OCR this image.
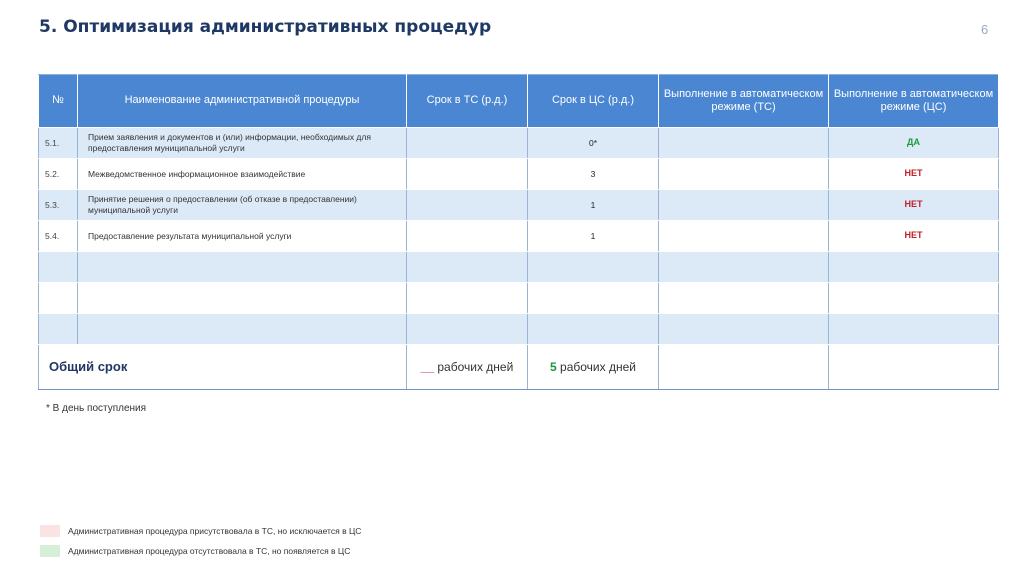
5. Оптимизация административных процедур	6
№	Наименование административной процедуры	Срок в ТС (р.д.)	Срок в ЦС (р.д.)	Выполнение в автоматическом режиме (ТС)	Выполнение в автоматическом режиме (ЦС)
5.1.	Прием заявления и документов и (или) информации, необходимых для предоставления муниципальной услуги		0*		ДА
5.2.	Межведомственное информационное взаимодействие		3		НЕТ
5.3.	Принятие решения о предоставлении (об отказе в предоставлении) муниципальной услуги		1		НЕТ
5.4.	Предоставление результата муниципальной услуги		1		НЕТ

Общий срок		__ рабочих дней	5 рабочих дней		
* В день поступления
Административная процедура присутствовала в ТС, но исключается в ЦС
Административная процедура отсутствовала в ТС, но появляется в ЦС
